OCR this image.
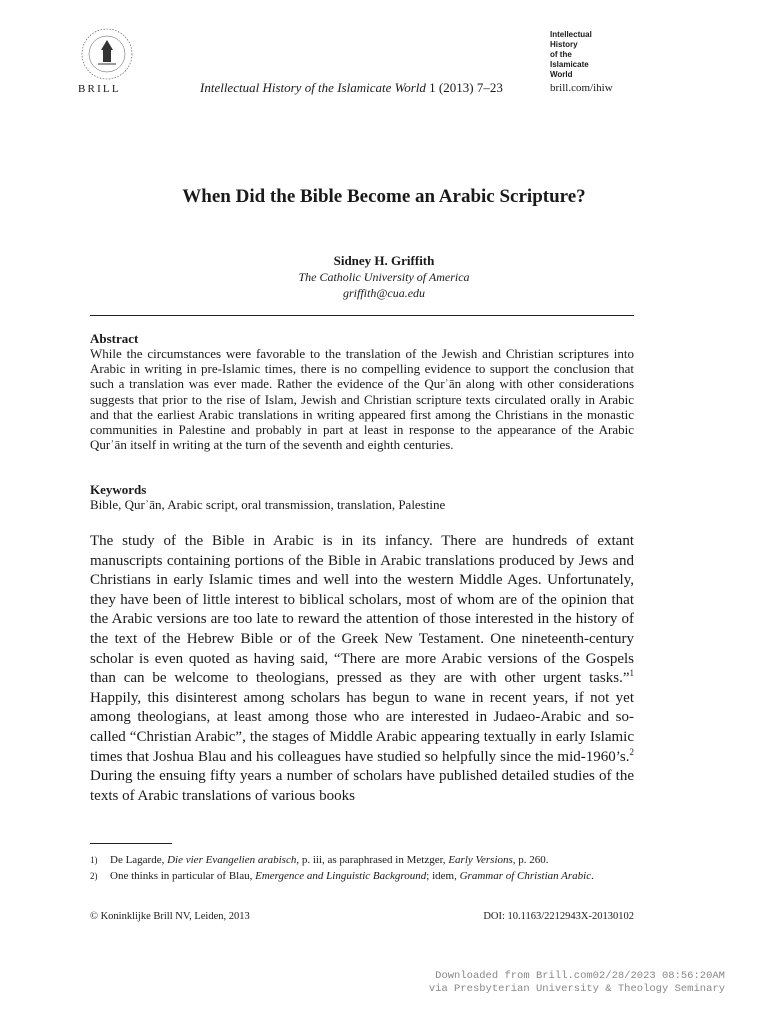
BRILL	Intellectual History of the Islamicate World 1 (2013) 7–23
Intellectual
History
of the
Islamicate
World
brill.com/ihiw
When Did the Bible Become an Arabic Scripture?
Sidney H. Griffith
The Catholic University of America
griffith@cua.edu
Abstract
While the circumstances were favorable to the translation of the Jewish and Christian scriptures into Arabic in writing in pre-Islamic times, there is no compelling evidence to support the conclusion that such a translation was ever made. Rather the evidence of the Qurʾān along with other considerations suggests that prior to the rise of Islam, Jewish and Christian scripture texts circulated orally in Arabic and that the earliest Arabic translations in writing appeared first among the Christians in the monastic communities in Palestine and probably in part at least in response to the appearance of the Arabic Qurʾān itself in writing at the turn of the seventh and eighth centuries.
Keywords
Bible, Qurʾān, Arabic script, oral transmission, translation, Palestine
The study of the Bible in Arabic is in its infancy. There are hundreds of extant manuscripts containing portions of the Bible in Arabic translations produced by Jews and Christians in early Islamic times and well into the western Middle Ages. Unfortunately, they have been of little interest to biblical scholars, most of whom are of the opinion that the Arabic versions are too late to reward the attention of those interested in the history of the text of the Hebrew Bible or of the Greek New Testament. One nineteenth-century scholar is even quoted as having said, “There are more Arabic versions of the Gospels than can be welcome to theologians, pressed as they are with other urgent tasks.”$^1$ Happily, this disinterest among scholars has begun to wane in recent years, if not yet among theologians, at least among those who are interested in Judaeo-Arabic and so-called “Christian Arabic”, the stages of Middle Arabic appearing textually in early Islamic times that Joshua Blau and his colleagues have studied so helpfully since the mid-1960’s.$^2$ During the ensuing fifty years a number of scholars have published detailed studies of the texts of Arabic translations of various books
1) De Lagarde, Die vier Evangelien arabisch, p. iii, as paraphrased in Metzger, Early Versions, p. 260.
2) One thinks in particular of Blau, Emergence and Linguistic Background; idem, Grammar of Christian Arabic.
© Koninklijke Brill NV, Leiden, 2013	DOI: 10.1163/2212943X-20130102
Downloaded from Brill.com02/28/2023 08:56:20AM
via Presbyterian University & Theology Seminary
